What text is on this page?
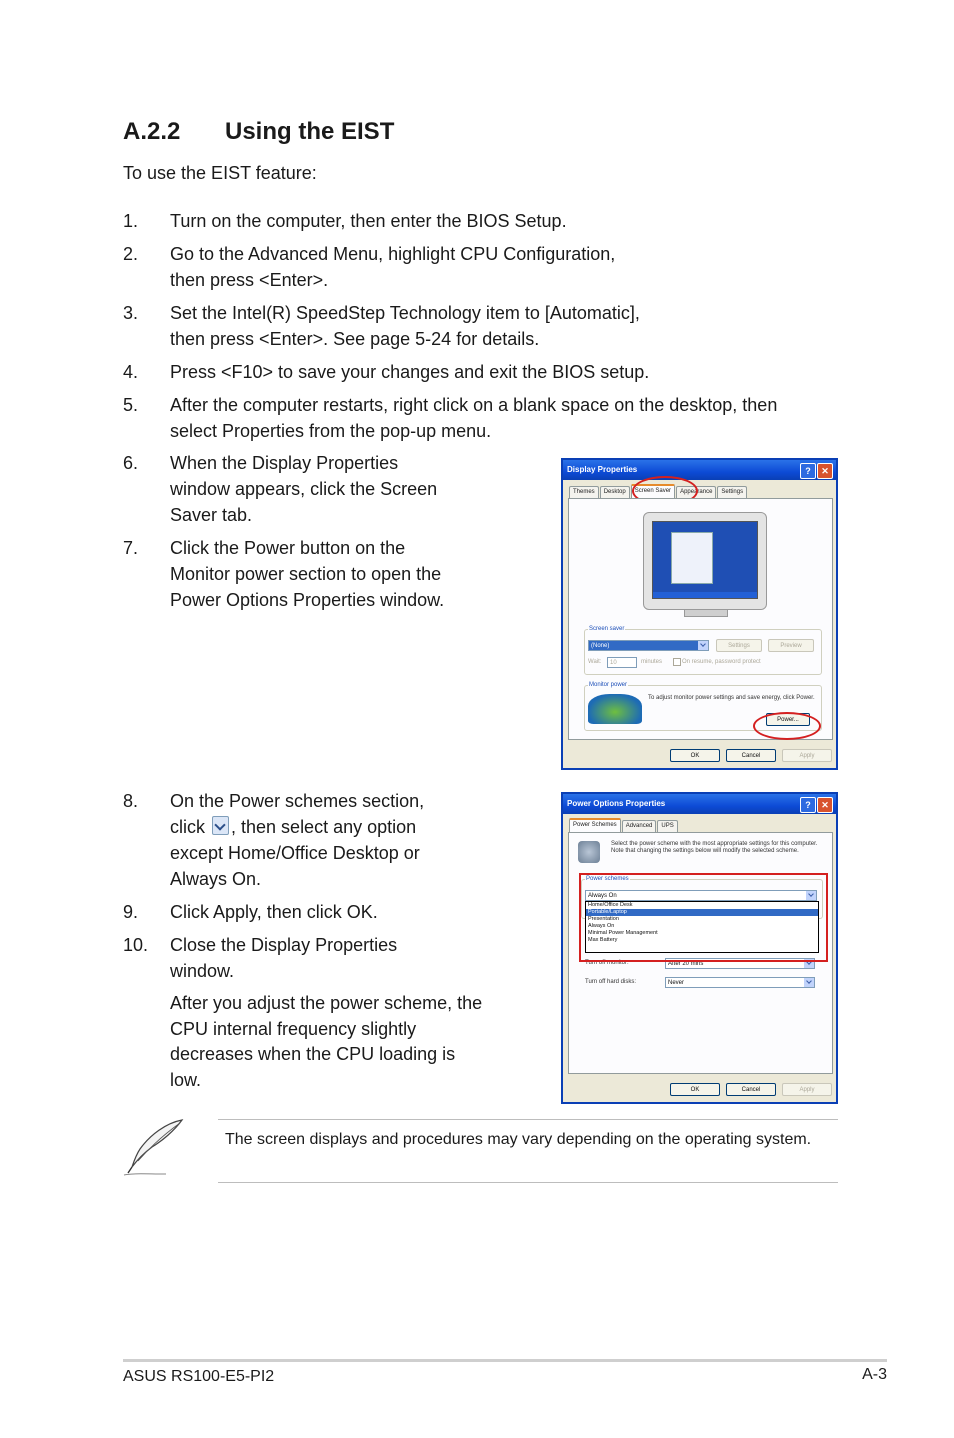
A.2.2	Using the EIST
To use the EIST feature:
1.	Turn on the computer, then enter the BIOS Setup.
2.	Go to the Advanced Menu, highlight CPU Configuration,
then press <Enter>.
3.	Set the Intel(R) SpeedStep Technology item to [Automatic],
then press <Enter>. See page 5-24 for details.
4.	Press <F10> to save your changes and exit the BIOS setup.
5.	After the computer restarts, right click on a blank space on the desktop, then
select Properties from the pop-up menu.
6.	When the Display Properties
window appears, click the Screen
Saver tab.
7.	Click the Power button on the
Monitor power section to open the
Power Options Properties window.
Display Properties	?	✕
Themes	Desktop	Screen Saver	Appearance	Settings
Screen saver
(None)	Settings	Preview
Wait:	10	minutes	On resume, password protect
Monitor power
To adjust monitor power settings and save energy, click Power.
Power...
OK	Cancel	Apply
8.	On the Power schemes section,
click , then select any option
except Home/Office Desktop or
Always On.
9.	Click Apply, then click OK.
10.	Close the Display Properties
window.
After you adjust the power scheme, the CPU internal frequency slightly decreases when the CPU loading is low.
Power Options Properties	?	✕
Power Schemes	Advanced	UPS
Select the power scheme with the most appropriate settings for this computer. Note that changing the settings below will modify the selected scheme.
Power schemes
Always On
Turn off monitor:	After 20 mins
Turn off hard disks:	Never
Home/Office Desk
Portable/Laptop
Presentation
Always On
Minimal Power Management
Max Battery
OK	Cancel	Apply
The screen displays and procedures may vary depending on the operating system.
ASUS RS100-E5-PI2	A-3
